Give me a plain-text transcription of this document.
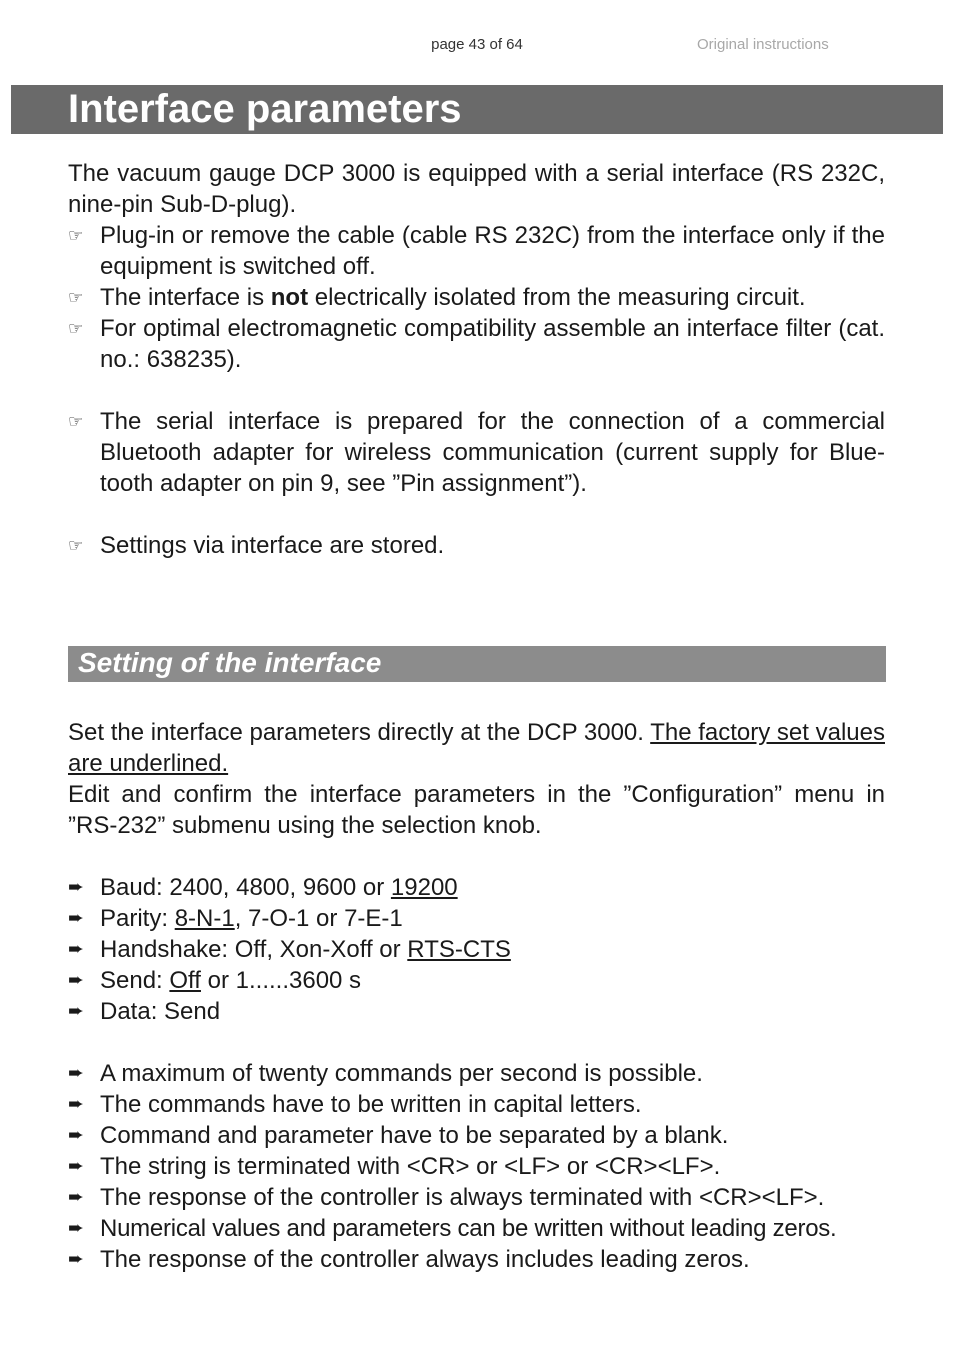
page 43 of 64	Original instructions
Interface parameters

The vacuum gauge DCP 3000 is equipped with a serial interface (RS 232C, nine-pin Sub-D-plug).

☞ Plug-in or remove the cable (cable RS 232C) from the interface only if the equipment is switched off.
☞ The interface is not electrically isolated from the measuring circuit.
☞ For optimal electromagnetic compatibility assemble an interface filter (cat. no.: 638235).
☞ The serial interface is prepared for the connection of a commercial Bluetooth adapter for wireless communication (current supply for Blue-tooth adapter on pin 9, see ”Pin assignment”).
☞ Settings via interface are stored.
Setting of the interface

Set the interface parameters directly at the DCP 3000. The factory set values are underlined.

Edit and confirm the interface parameters in the ”Configuration” menu in ”RS-232” submenu using the selection knob.

➨ Baud: 2400, 4800, 9600 or 19200
➨ Parity: 8-N-1, 7-O-1 or 7-E-1
➨ Handshake: Off, Xon-Xoff or RTS-CTS
➨ Send: Off or 1......3600 s
➨ Data: Send
➨ A maximum of twenty commands per second is possible.
➨ The commands have to be written in capital letters.
➨ Command and parameter have to be separated by a blank.
➨ The string is terminated with <CR> or <LF> or <CR><LF>.
➨ The response of the controller is always terminated with <CR><LF>.
➨ Numerical values and parameters can be written without leading zeros.
➨ The response of the controller always includes leading zeros.
